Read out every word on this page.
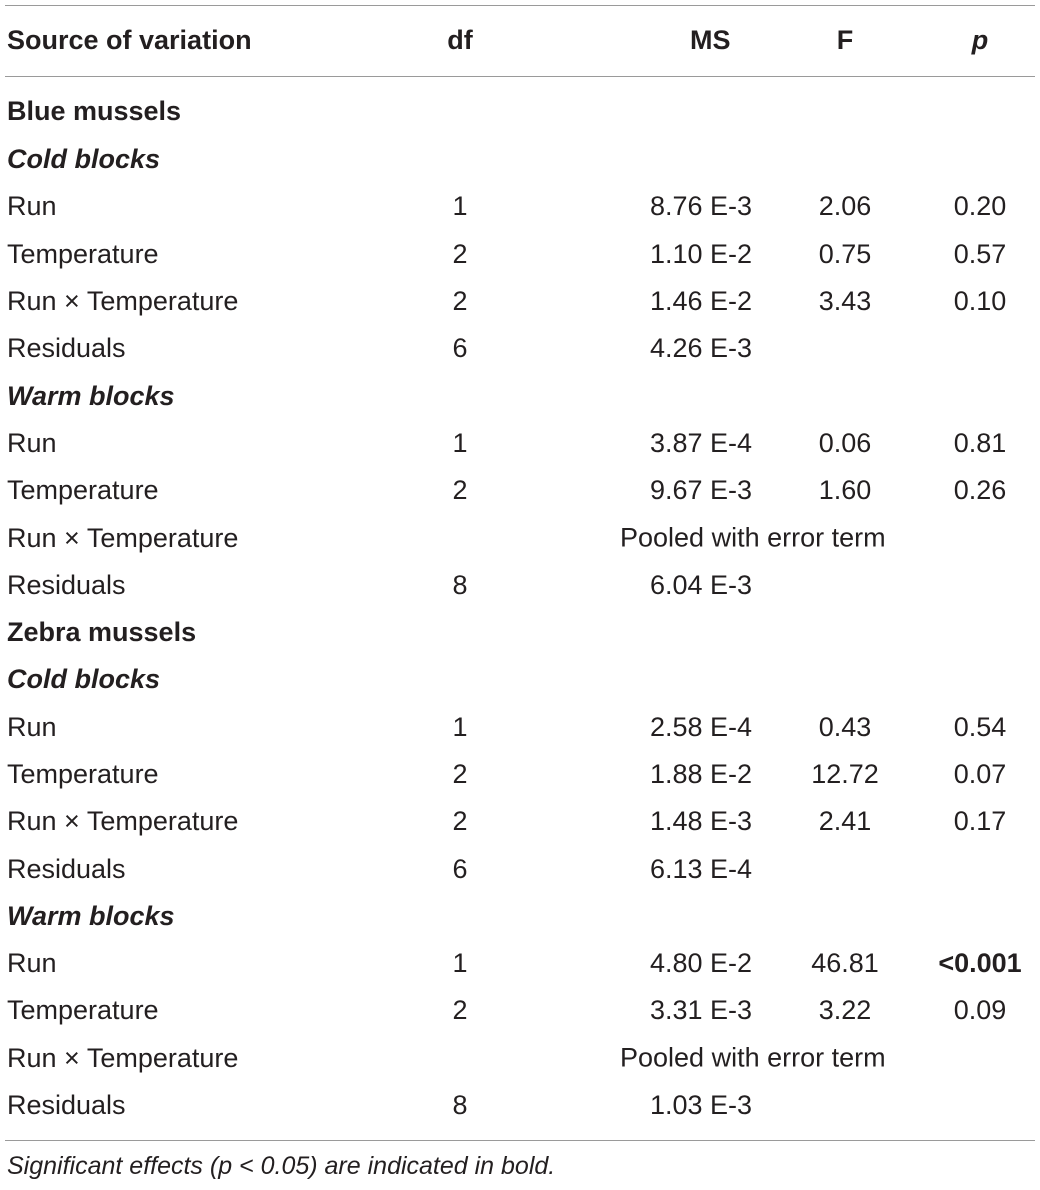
Source of variation	df	MS	F	p
Blue mussels				
Cold blocks				
Run	1	8.76 E-3	2.06	0.20
Temperature	2	1.10 E-2	0.75	0.57
Run × Temperature	2	1.46 E-2	3.43	0.10
Residuals	6	4.26 E-3		
Warm blocks				
Run	1	3.87 E-4	0.06	0.81
Temperature	2	9.67 E-3	1.60	0.26
Run × Temperature	Pooled with error term			

Residuals	8	6.04 E-3		
Zebra mussels				
Cold blocks				
Run	1	2.58 E-4	0.43	0.54
Temperature	2	1.88 E-2	12.72	0.07
Run × Temperature	2	1.48 E-3	2.41	0.17
Residuals	6	6.13 E-4		
Warm blocks				
Run	1	4.80 E-2	46.81	<0.001
Temperature	2	3.31 E-3	3.22	0.09
Run × Temperature	Pooled with error term			

Residuals	8	1.03 E-3		
Significant effects (p < 0.05) are indicated in bold.
